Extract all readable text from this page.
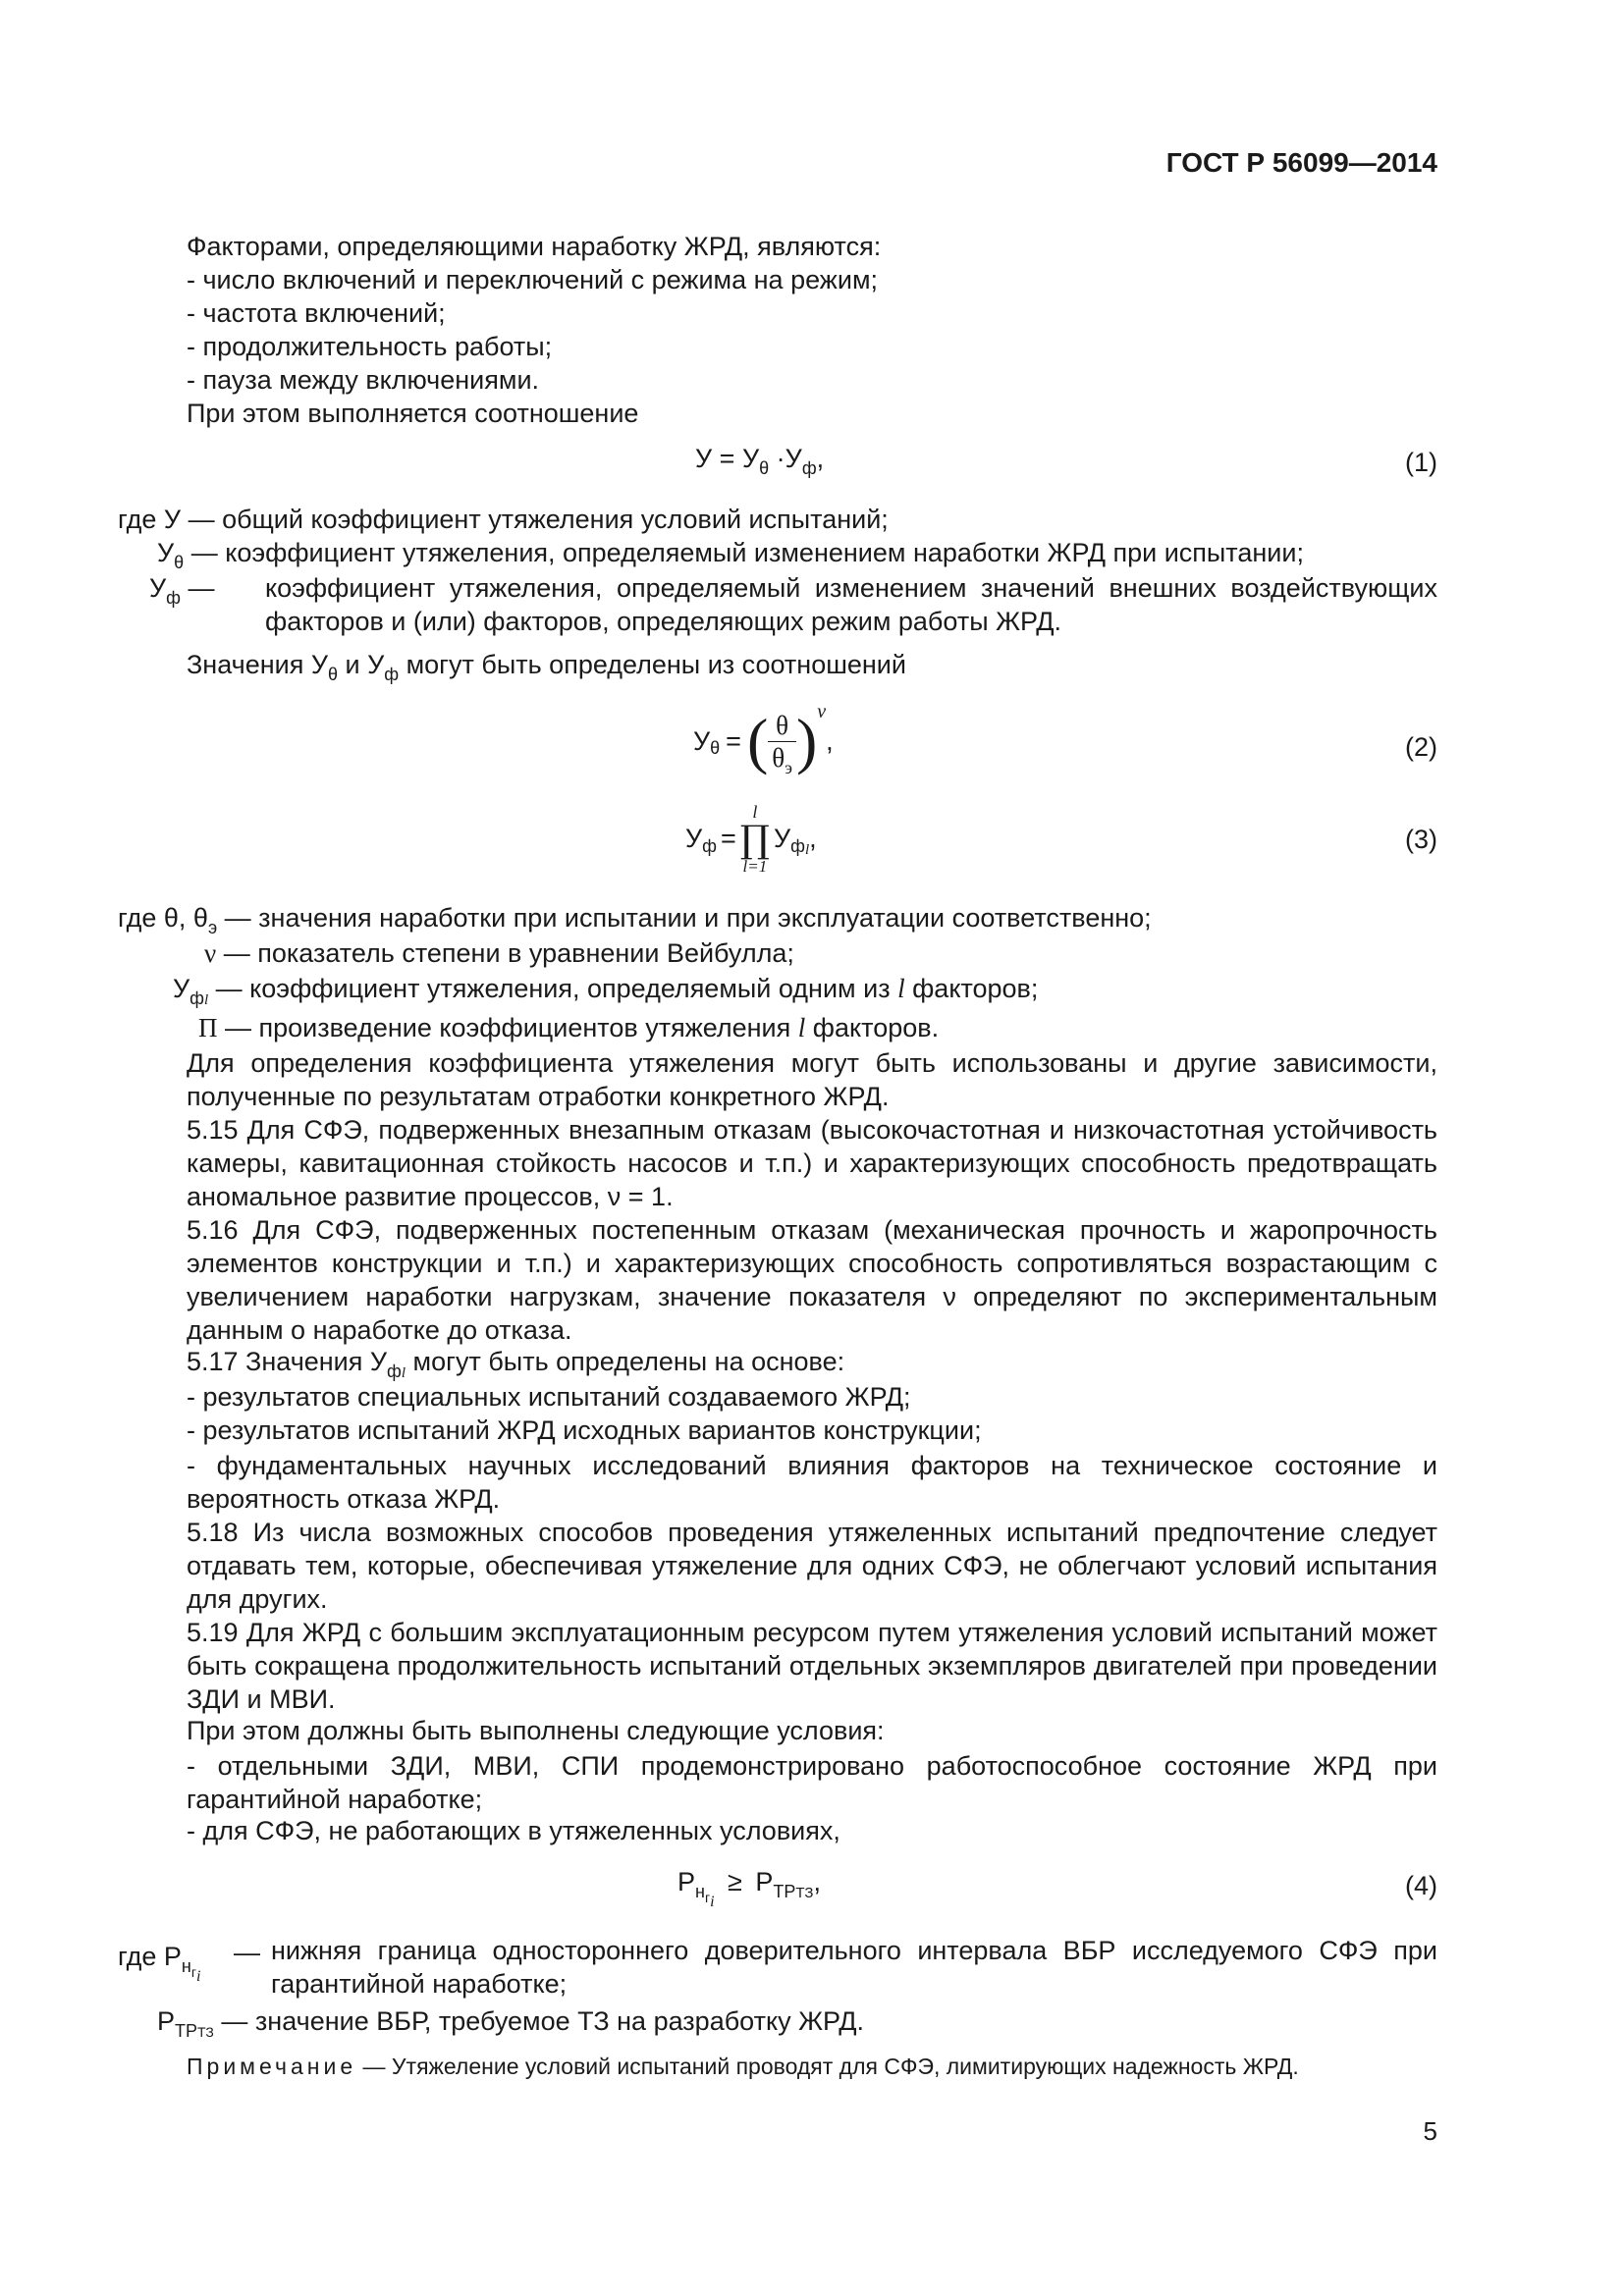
ГОСТ Р 56099—2014
Факторами, определяющими наработку ЖРД, являются:
- число включений и переключений с режима на режим;
- частота включений;
- продолжительность работы;
- пауза между включениями.
При этом выполняется соотношение
$У = У_\theta \cdot У_ф$,	(1)
где У — общий коэффициент утяжеления условий испытаний;
$У_\theta$ — коэффициент утяжеления, определяемый изменением наработки ЖРД при испытании;
$У_ф$ — коэффициент утяжеления, определяемый изменением значений внешних воздействующих факторов и (или) факторов, определяющих режим работы ЖРД.
Значения $У_\theta$ и $У_ф$ могут быть определены из соотношений
У θ = ( $\frac{\theta}{\theta_э}$ ) ν
,	(2)
У ф =
l
∏
l=1
У ф l ,	(3)
где θ, $\theta_э$ — значения наработки при испытании и при эксплуатации соответственно;
ν — показатель степени в уравнении Вейбулла;
$У_{фl}$ — коэффициент утяжеления, определяемый одним из l факторов;
П — произведение коэффициентов утяжеления l факторов.
Для определения коэффициента утяжеления могут быть использованы и другие зависимости, полученные по результатам отработки конкретного ЖРД.
5.15 Для СФЭ, подверженных внезапным отказам (высокочастотная и низкочастотная устойчивость камеры, кавитационная стойкость насосов и т.п.) и характеризующих способность предотвращать аномальное развитие процессов, ν = 1.
5.16 Для СФЭ, подверженных постепенным отказам (механическая прочность и жаропрочность элементов конструкции и т.п.) и характеризующих способность сопротивляться возрастающим с увеличением наработки нагрузкам, значение показателя ν определяют по экспериментальным данным о наработке до отказа.
5.17 Значения $У_{фl}$ могут быть определены на основе:
- результатов специальных испытаний создаваемого ЖРД;
- результатов испытаний ЖРД исходных вариантов конструкции;
- фундаментальных научных исследований влияния факторов на техническое состояние и вероятность отказа ЖРД.
5.18 Из числа возможных способов проведения утяжеленных испытаний предпочтение следует отдавать тем, которые, обеспечивая утяжеление для одних СФЭ, не облегчают условий испытания для других.
5.19 Для ЖРД с большим эксплуатационным ресурсом путем утяжеления условий испытаний может быть сокращена продолжительность испытаний отдельных экземпляров двигателей при проведении ЗДИ и МВИ.
При этом должны быть выполнены следующие условия:
- отдельными ЗДИ, МВИ, СПИ продемонстрировано работоспособное состояние ЖРД при гарантийной наработке;
- для СФЭ, не работающих в утяжеленных условиях,
$P_{нгi} \ge P_{ТРТЗ}$,	(4)
где $P_{нгi}$
— нижняя граница одностороннего доверительного интервала ВБР исследуемого СФЭ при гарантийной наработке;
$P_{ТРТЗ}$ — значение ВБР, требуемое ТЗ на разработку ЖРД.
Примечание — Утяжеление условий испытаний проводят для СФЭ, лимитирующих надежность ЖРД.
5
